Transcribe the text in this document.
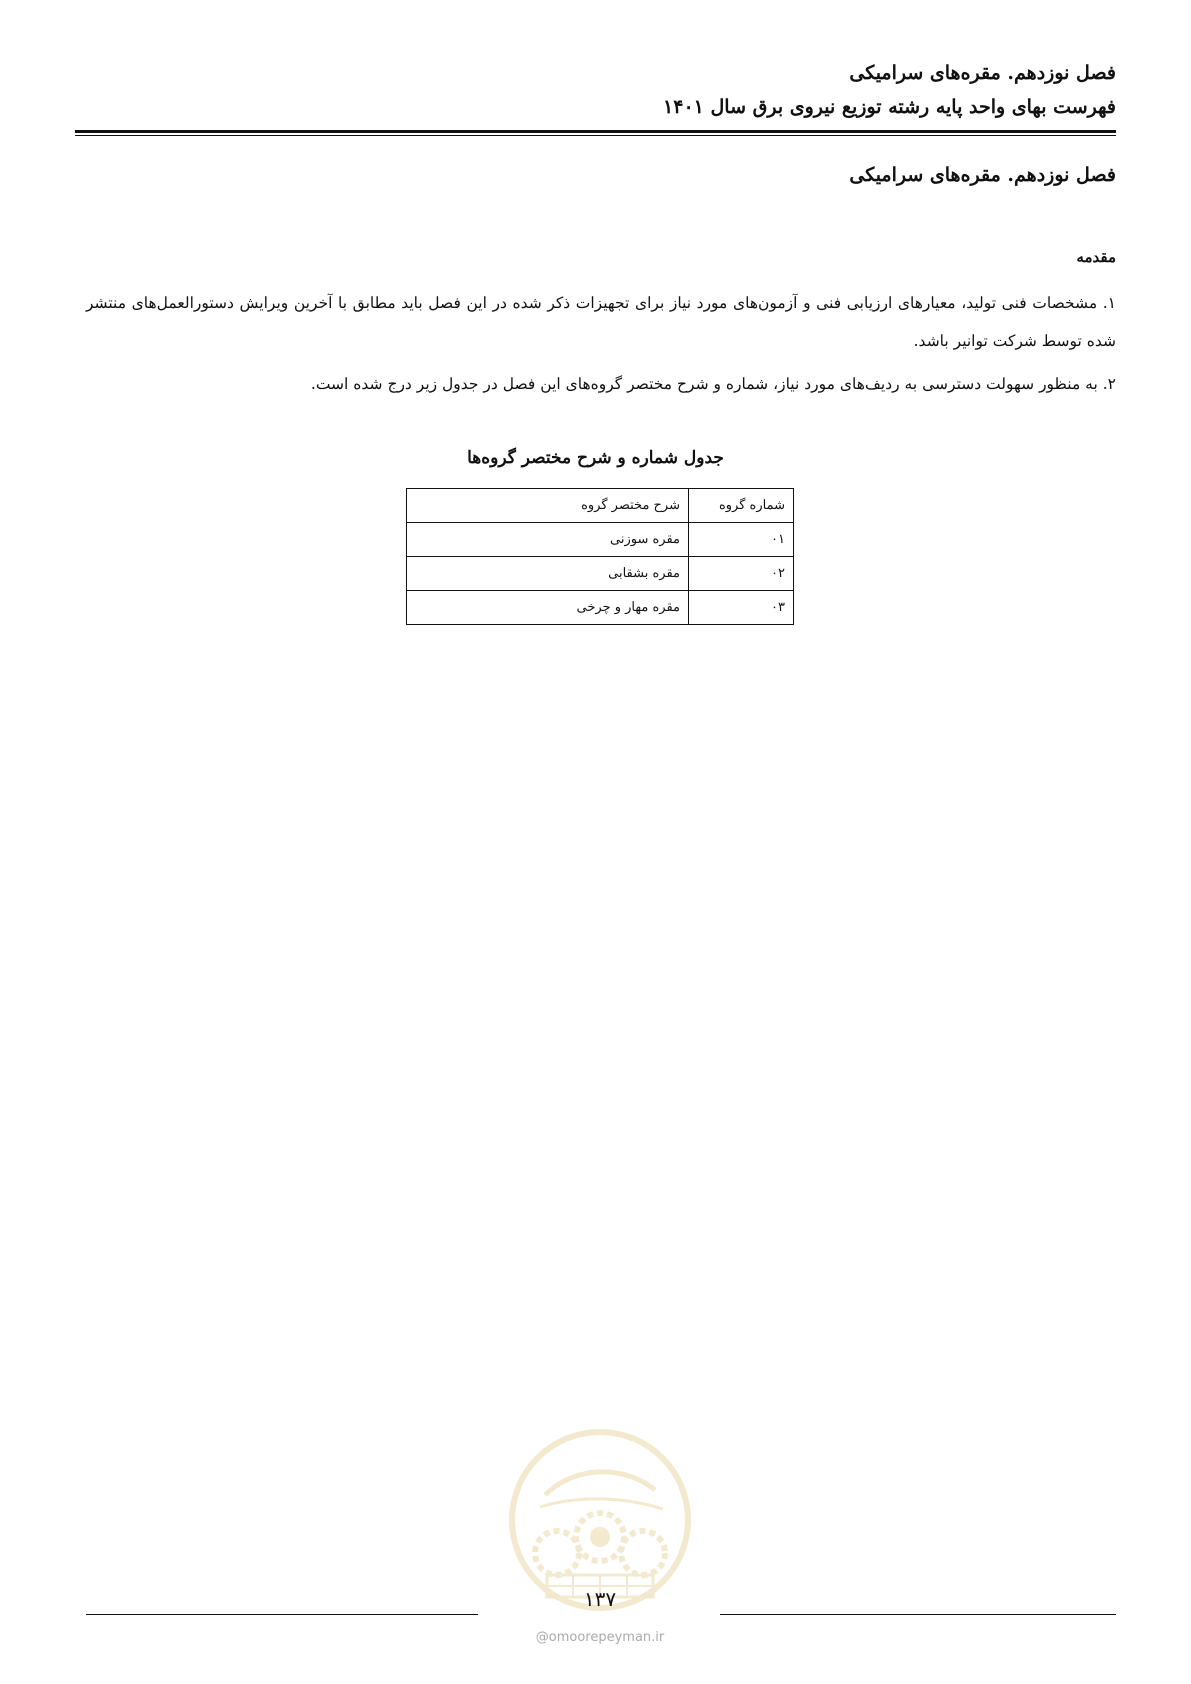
فصل نوزدهم. مقره‌های سرامیکی
فهرست بهای واحد پایه رشته توزیع نیروی برق سال ۱۴۰۱
فصل نوزدهم. مقره‌های سرامیکی
مقدمه
۱. مشخصات فنی تولید، معیارهای ارزیابی فنی و آزمون‌های مورد نیاز برای تجهیزات ذکر شده در این فصل باید مطابق با آخرین ویرایش دستورالعمل‌های منتشر شده توسط شرکت توانیر باشد.
۲. به منظور سهولت دسترسی به ردیف‌های مورد نیاز، شماره و شرح مختصر گروه‌های این فصل در جدول زیر درج شده است.
جدول شماره و شرح مختصر گروه‌ها
شماره گروه	شرح مختصر گروه
۰۱	مقره سوزنی
۰۲	مقره بشقابی
۰۳	مقره مهار و چرخی
۱۳۷
@omoorepeyman.ir
